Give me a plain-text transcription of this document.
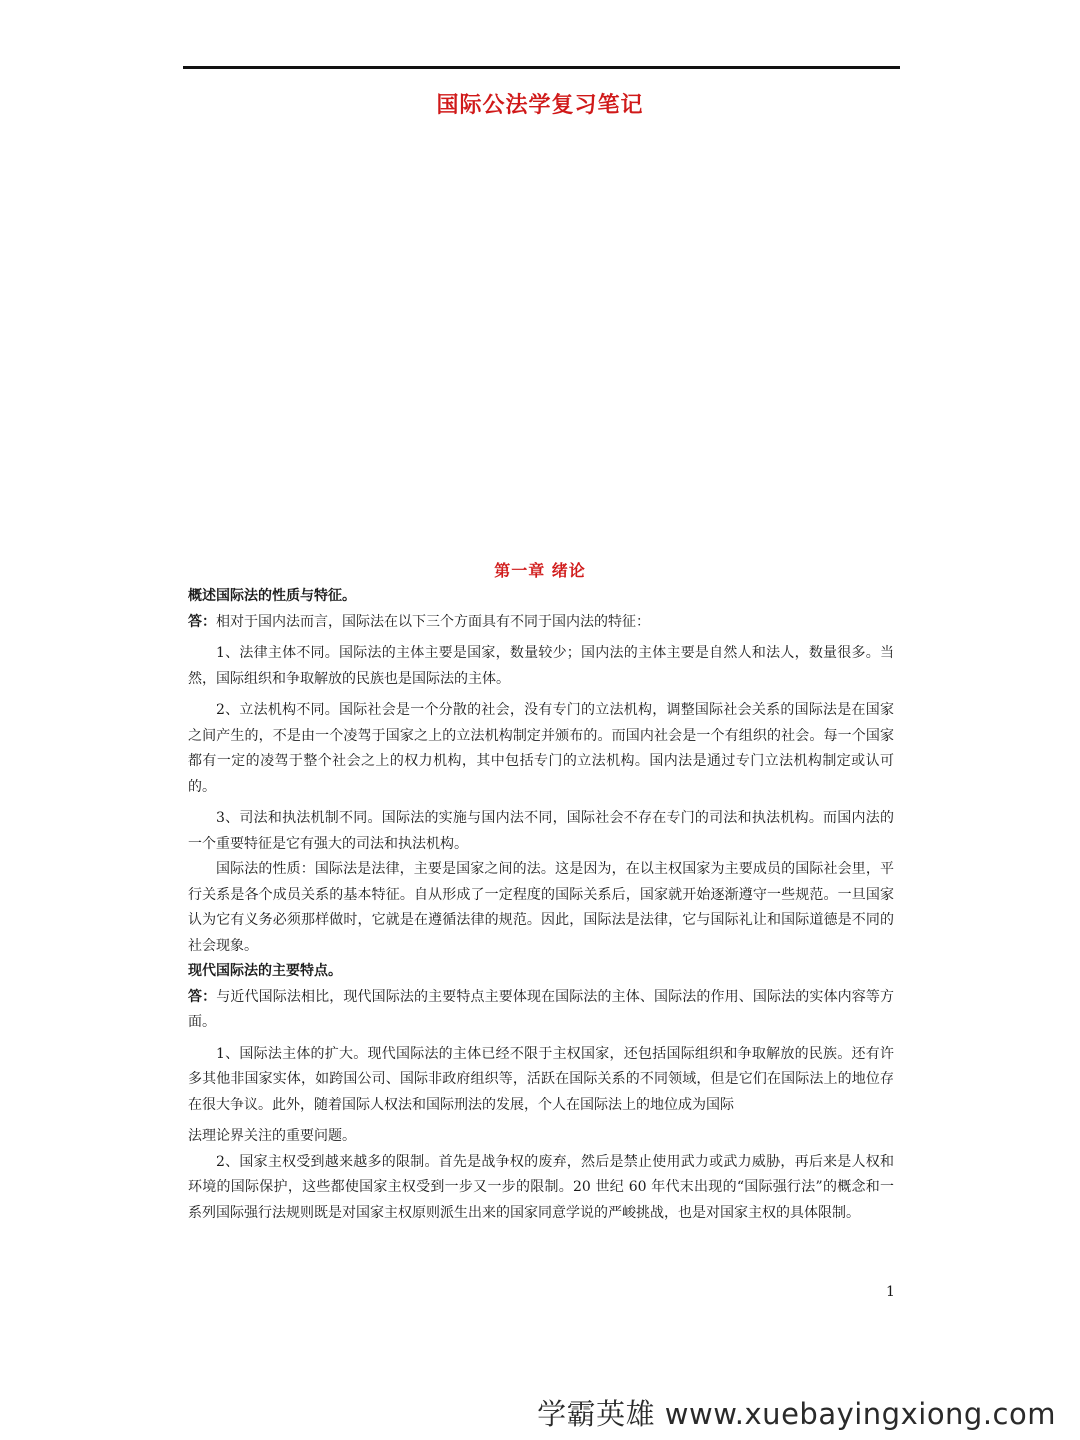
国际公法学复习笔记
第一章 绪论

概述国际法的性质与特征。

答：相对于国内法而言，国际法在以下三个方面具有不同于国内法的特征：

1、法律主体不同。国际法的主体主要是国家，数量较少；国内法的主体主要是自然人和法人，数量很多。当然，国际组织和争取解放的民族也是国际法的主体。

2、立法机构不同。国际社会是一个分散的社会，没有专门的立法机构，调整国际社会关系的国际法是在国家之间产生的，不是由一个凌驾于国家之上的立法机构制定并颁布的。而国内社会是一个有组织的社会。每一个国家都有一定的凌驾于整个社会之上的权力机构，其中包括专门的立法机构。国内法是通过专门立法机构制定或认可的。

3、司法和执法机制不同。国际法的实施与国内法不同，国际社会不存在专门的司法和执法机构。而国内法的一个重要特征是它有强大的司法和执法机构。

国际法的性质：国际法是法律，主要是国家之间的法。这是因为，在以主权国家为主要成员的国际社会里，平行关系是各个成员关系的基本特征。自从形成了一定程度的国际关系后，国家就开始逐渐遵守一些规范。一旦国家认为它有义务必须那样做时，它就是在遵循法律的规范。因此，国际法是法律，它与国际礼让和国际道德是不同的社会现象。

现代国际法的主要特点。

答：与近代国际法相比，现代国际法的主要特点主要体现在国际法的主体、国际法的作用、国际法的实体内容等方面。

1、国际法主体的扩大。现代国际法的主体已经不限于主权国家，还包括国际组织和争取解放的民族。还有许多其他非国家实体，如跨国公司、国际非政府组织等，活跃在国际关系的不同领域，但是它们在国际法上的地位存在很大争议。此外，随着国际人权法和国际刑法的发展，个人在国际法上的地位成为国际

法理论界关注的重要问题。

2、国家主权受到越来越多的限制。首先是战争权的废弃，然后是禁止使用武力或武力威胁，再后来是人权和环境的国际保护，这些都使国家主权受到一步又一步的限制。20 世纪 60 年代末出现的“国际强行法”的概念和一系列国际强行法规则既是对国家主权原则派生出来的国家同意学说的严峻挑战，也是对国家主权的具体限制。

1
学霸英雄 www.xuebayingxiong.com
